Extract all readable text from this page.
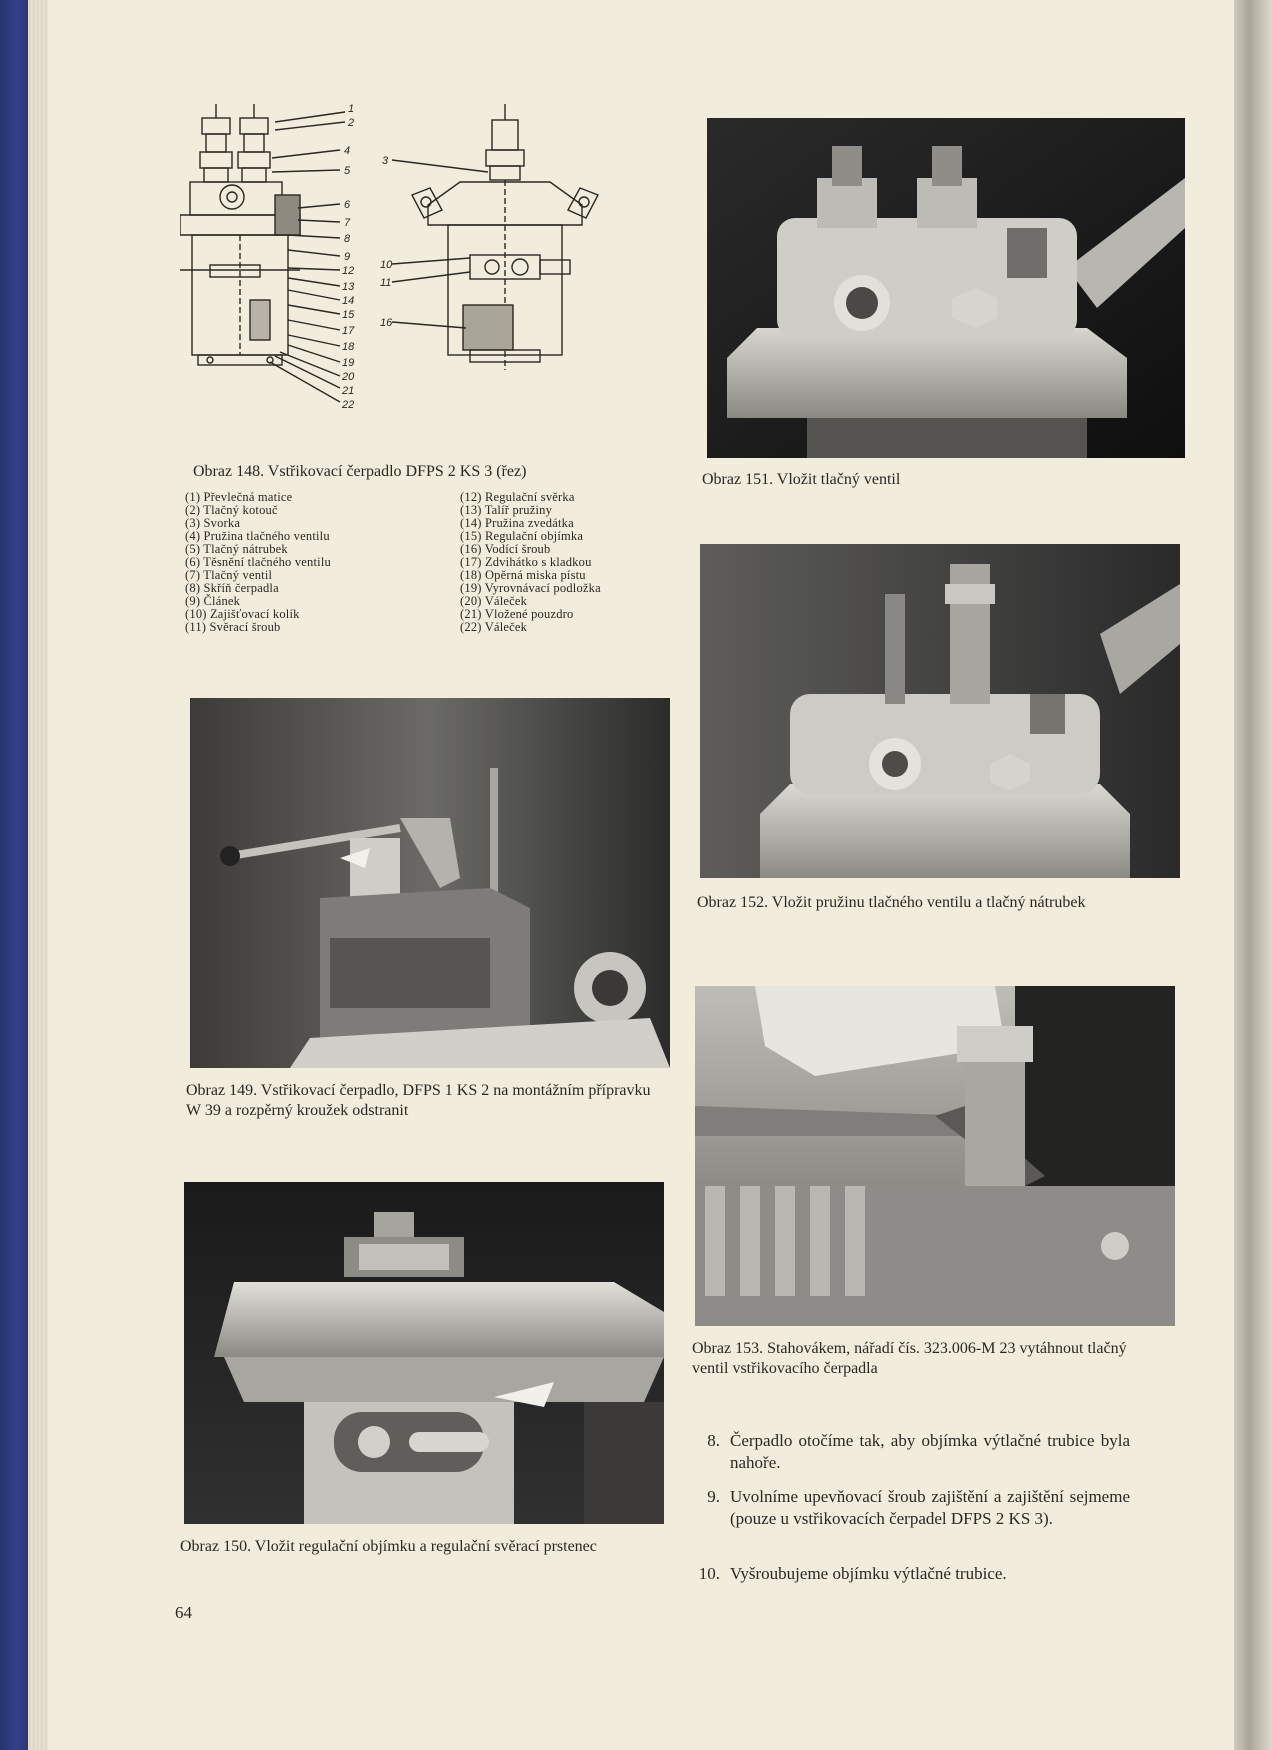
1
2
4
5
6
7
8
9
12
13
14
15
17
18
19
20
21
22
3
10
11
16
Obraz 148. Vstřikovací čerpadlo DFPS 2 KS 3 (řez)
(1) Převlečná matice
(2) Tlačný kotouč
(3) Svorka
(4) Pružina tlačného ventilu
(5) Tlačný nátrubek
(6) Těsnění tlačného ventilu
(7) Tlačný ventil
(8) Skříň čerpadla
(9) Článek
(10) Zajišťovací kolík
(11) Svěrací šroub
(12) Regulační svěrka
(13) Talíř pružiny
(14) Pružina zvedátka
(15) Regulační objímka
(16) Vodící šroub
(17) Zdvihátko s kladkou
(18) Opěrná miska pístu
(19) Vyrovnávací podložka
(20) Váleček
(21) Vložené pouzdro
(22) Váleček
Obraz 151. Vložit tlačný ventil
Obraz 152. Vložit pružinu tlačného ventilu a tlačný nátrubek
Obraz 149. Vstřikovací čerpadlo, DFPS 1 KS 2 na montážním přípravku W 39 a rozpěrný kroužek odstranit
Obraz 153. Stahovákem, nářadí čís. 323.006-M 23 vytáhnout tlačný ventil vstřikovacího čerpadla
Obraz 150. Vložit regulační objímku a regulační svěrací prstenec
8. Čerpadlo otočíme tak, aby objímka výtlačné trubice byla nahoře.
9. Uvolníme upevňovací šroub zajištění a zajištění sejmeme (pouze u vstřikovacích čerpadel DFPS 2 KS 3).
10. Vyšroubujeme objímku výtlačné trubice.
64
